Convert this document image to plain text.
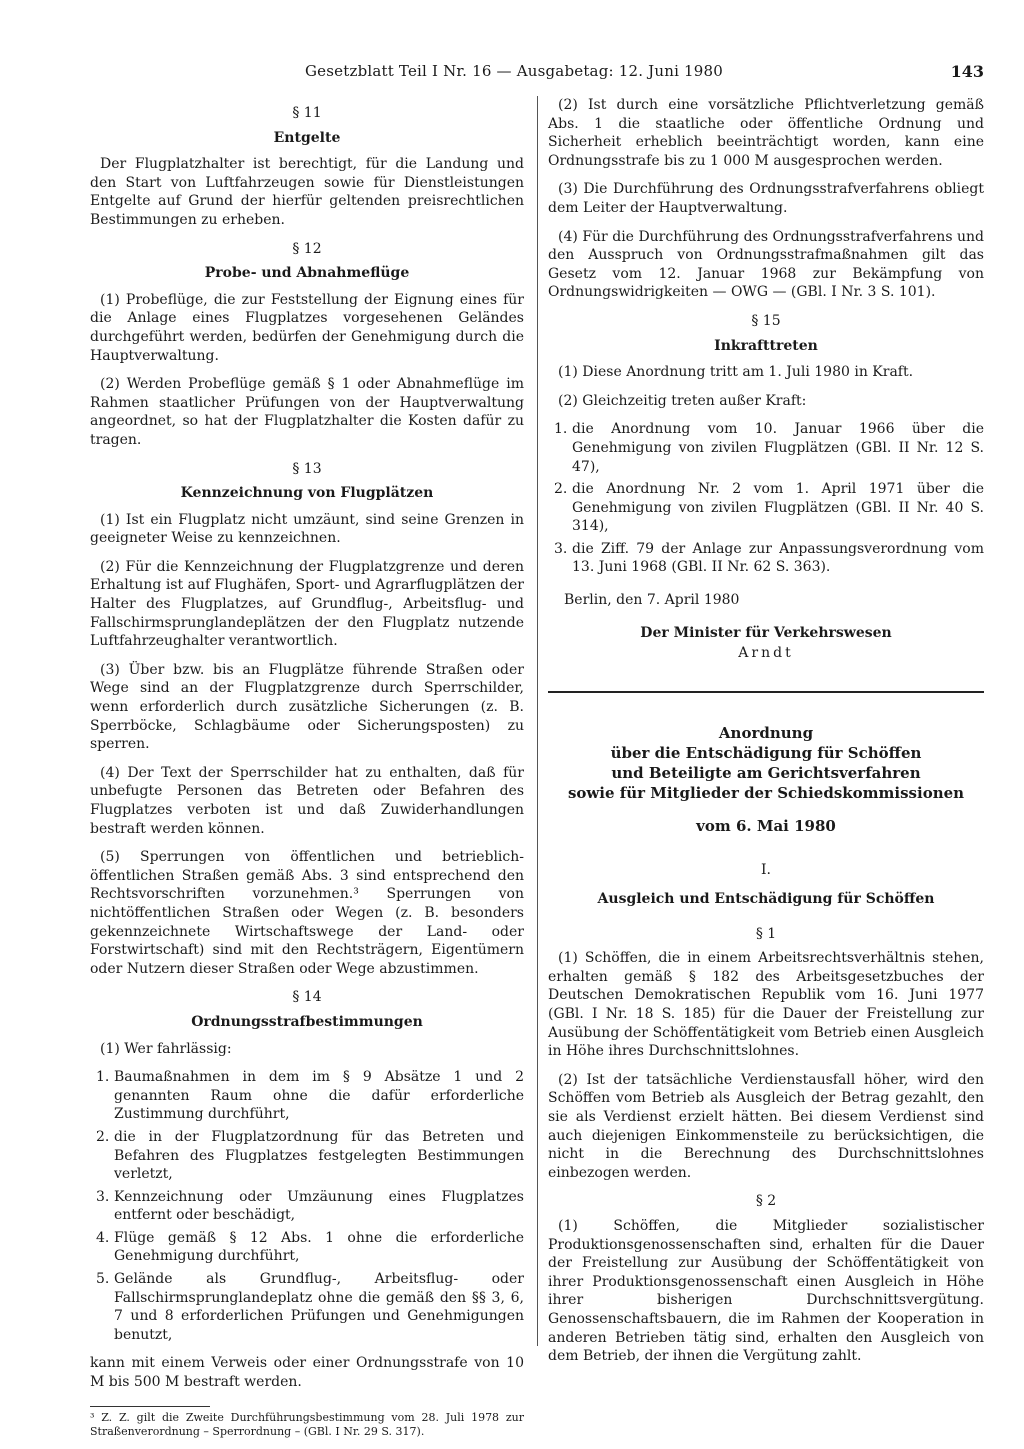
Gesetzblatt Teil I Nr. 16 — Ausgabetag: 12. Juni 1980	143
§ 11
Entgelte

Der Flugplatzhalter ist berechtigt, für die Landung und den Start von Luftfahrzeugen sowie für Dienstleistungen Entgelte auf Grund der hierfür geltenden preisrechtlichen Bestimmungen zu erheben.

§ 12
Probe- und Abnahmeflüge

(1) Probeflüge, die zur Feststellung der Eignung eines für die Anlage eines Flugplatzes vorgesehenen Geländes durchgeführt werden, bedürfen der Genehmigung durch die Hauptverwaltung.

(2) Werden Probeflüge gemäß § 1 oder Abnahmeflüge im Rahmen staatlicher Prüfungen von der Hauptverwaltung angeordnet, so hat der Flugplatzhalter die Kosten dafür zu tragen.

§ 13
Kennzeichnung von Flugplätzen

(1) Ist ein Flugplatz nicht umzäunt, sind seine Grenzen in geeigneter Weise zu kennzeichnen.

(2) Für die Kennzeichnung der Flugplatzgrenze und deren Erhaltung ist auf Flughäfen, Sport- und Agrarflugplätzen der Halter des Flugplatzes, auf Grundflug-, Arbeitsflug- und Fallschirmsprunglandeplätzen der den Flugplatz nutzende Luftfahrzeughalter verantwortlich.

(3) Über bzw. bis an Flugplätze führende Straßen oder Wege sind an der Flugplatzgrenze durch Sperrschilder, wenn erforderlich durch zusätzliche Sicherungen (z. B. Sperrböcke, Schlagbäume oder Sicherungsposten) zu sperren.

(4) Der Text der Sperrschilder hat zu enthalten, daß für unbefugte Personen das Betreten oder Befahren des Flugplatzes verboten ist und daß Zuwiderhandlungen bestraft werden können.

(5) Sperrungen von öffentlichen und betrieblich-öffentlichen Straßen gemäß Abs. 3 sind entsprechend den Rechtsvorschriften vorzunehmen.³ Sperrungen von nichtöffentlichen Straßen oder Wegen (z. B. besonders gekennzeichnete Wirtschaftswege der Land- oder Forstwirtschaft) sind mit den Rechtsträgern, Eigentümern oder Nutzern dieser Straßen oder Wege abzustimmen.

§ 14
Ordnungsstrafbestimmungen

(1) Wer fahrlässig:

1. Baumaßnahmen in dem im § 9 Absätze 1 und 2 genannten Raum ohne die dafür erforderliche Zustimmung durchführt,
2. die in der Flugplatzordnung für das Betreten und Befahren des Flugplatzes festgelegten Bestimmungen verletzt,
3. Kennzeichnung oder Umzäunung eines Flugplatzes entfernt oder beschädigt,
4. Flüge gemäß § 12 Abs. 1 ohne die erforderliche Genehmigung durchführt,
5. Gelände als Grundflug-, Arbeitsflug- oder Fallschirmsprunglandeplatz ohne die gemäß den §§ 3, 6, 7 und 8 erforderlichen Prüfungen und Genehmigungen benutzt,

kann mit einem Verweis oder einer Ordnungsstrafe von 10 M bis 500 M bestraft werden.

³ Z. Z. gilt die Zweite Durchführungsbestimmung vom 28. Juli 1978 zur Straßenverordnung – Sperrordnung – (GBl. I Nr. 29 S. 317).

(2) Ist durch eine vorsätzliche Pflichtverletzung gemäß Abs. 1 die staatliche oder öffentliche Ordnung und Sicherheit erheblich beeinträchtigt worden, kann eine Ordnungsstrafe bis zu 1 000 M ausgesprochen werden.

(3) Die Durchführung des Ordnungsstrafverfahrens obliegt dem Leiter der Hauptverwaltung.

(4) Für die Durchführung des Ordnungsstrafverfahrens und den Ausspruch von Ordnungsstrafmaßnahmen gilt das Gesetz vom 12. Januar 1968 zur Bekämpfung von Ordnungswidrigkeiten — OWG — (GBl. I Nr. 3 S. 101).

§ 15
Inkrafttreten

(1) Diese Anordnung tritt am 1. Juli 1980 in Kraft.

(2) Gleichzeitig treten außer Kraft:

1. die Anordnung vom 10. Januar 1966 über die Genehmigung von zivilen Flugplätzen (GBl. II Nr. 12 S. 47),
2. die Anordnung Nr. 2 vom 1. April 1971 über die Genehmigung von zivilen Flugplätzen (GBl. II Nr. 40 S. 314),
3. die Ziff. 79 der Anlage zur Anpassungsverordnung vom 13. Juni 1968 (GBl. II Nr. 62 S. 363).

Berlin, den 7. April 1980

Der Minister für Verkehrswesen
Arndt
Anordnung
über die Entschädigung für Schöffen
und Beteiligte am Gerichtsverfahren
sowie für Mitglieder der Schiedskommissionen
vom 6. Mai 1980
I.
Ausgleich und Entschädigung für Schöffen
§ 1

(1) Schöffen, die in einem Arbeitsrechtsverhältnis stehen, erhalten gemäß § 182 des Arbeitsgesetzbuches der Deutschen Demokratischen Republik vom 16. Juni 1977 (GBl. I Nr. 18 S. 185) für die Dauer der Freistellung zur Ausübung der Schöffentätigkeit vom Betrieb einen Ausgleich in Höhe ihres Durchschnittslohnes.

(2) Ist der tatsächliche Verdienstausfall höher, wird den Schöffen vom Betrieb als Ausgleich der Betrag gezahlt, den sie als Verdienst erzielt hätten. Bei diesem Verdienst sind auch diejenigen Einkommensteile zu berücksichtigen, die nicht in die Berechnung des Durchschnittslohnes einbezogen werden.

§ 2

(1) Schöffen, die Mitglieder sozialistischer Produktionsgenossenschaften sind, erhalten für die Dauer der Freistellung zur Ausübung der Schöffentätigkeit von ihrer Produktionsgenossenschaft einen Ausgleich in Höhe ihrer bisherigen Durchschnittsvergütung. Genossenschaftsbauern, die im Rahmen der Kooperation in anderen Betrieben tätig sind, erhalten den Ausgleich von dem Betrieb, der ihnen die Vergütung zahlt.
